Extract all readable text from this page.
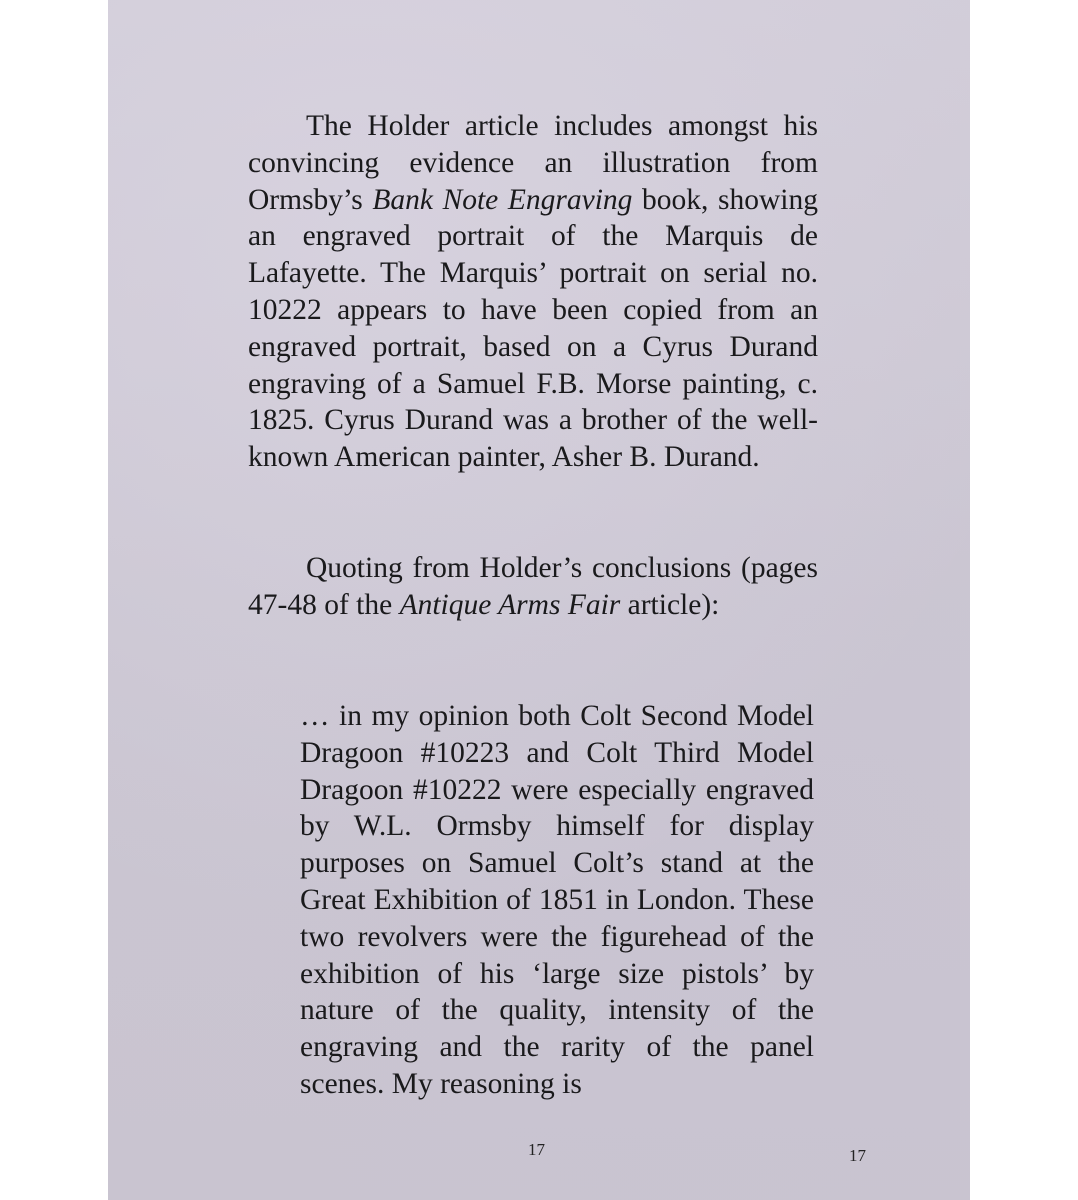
The Holder article includes amongst his convincing evidence an illustration from Ormsby’s Bank Note Engraving book, showing an engraved portrait of the Marquis de Lafayette. The Marquis’ portrait on serial no. 10222 appears to have been copied from an engraved portrait, based on a Cyrus Durand engraving of a Samuel F.B. Morse painting, c. 1825. Cyrus Durand was a brother of the well-known American painter, Asher B. Durand.

Quoting from Holder’s conclusions (pages 47-48 of the Antique Arms Fair article):

… in my opinion both Colt Second Model Dragoon #10223 and Colt Third Model Dragoon #10222 were especially engraved by W.L. Ormsby himself for display purposes on Samuel Colt’s stand at the Great Exhibition of 1851 in London. These two revolvers were the figurehead of the exhibition of his ‘large size pistols’ by nature of the quality, intensity of the engraving and the rarity of the panel scenes. My reasoning is

17	17
